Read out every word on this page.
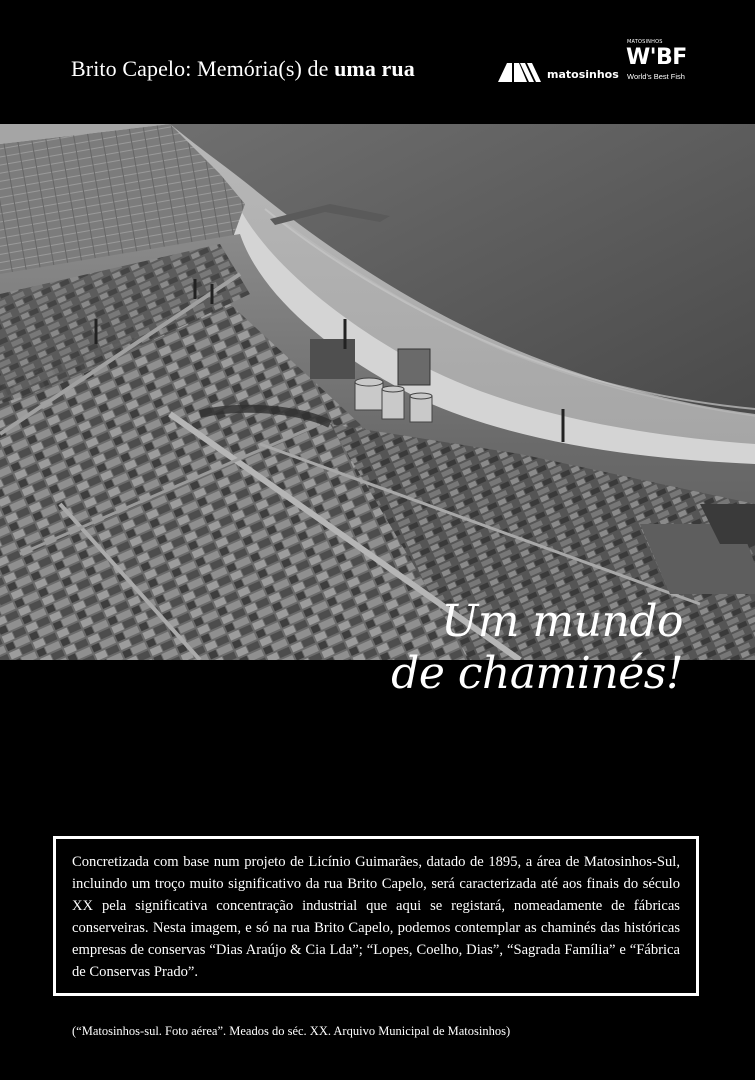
Brito Capelo: Memória(s) de uma rua	matosinhos
MATOSINHOS
W'BF
World's Best Fish
Um mundo
de chaminés!

Concretizada com base num projeto de Licínio Guimarães, datado de 1895, a área de Matosinhos-Sul, incluindo um troço muito significativo da rua Brito Capelo, será caracterizada até aos finais do século XX pela significativa concentração industrial que aqui se registará, nomeadamente de fábricas conserveiras. Nesta imagem, e só na rua Brito Capelo, podemos contemplar as chaminés das históricas empresas de conservas “Dias Araújo & Cia Lda”; “Lopes, Coelho, Dias”, “Sagrada Família” e “Fábrica de Conservas Prado”.

(“Matosinhos-sul. Foto aérea”. Meados do séc. XX. Arquivo Municipal de Matosinhos)
